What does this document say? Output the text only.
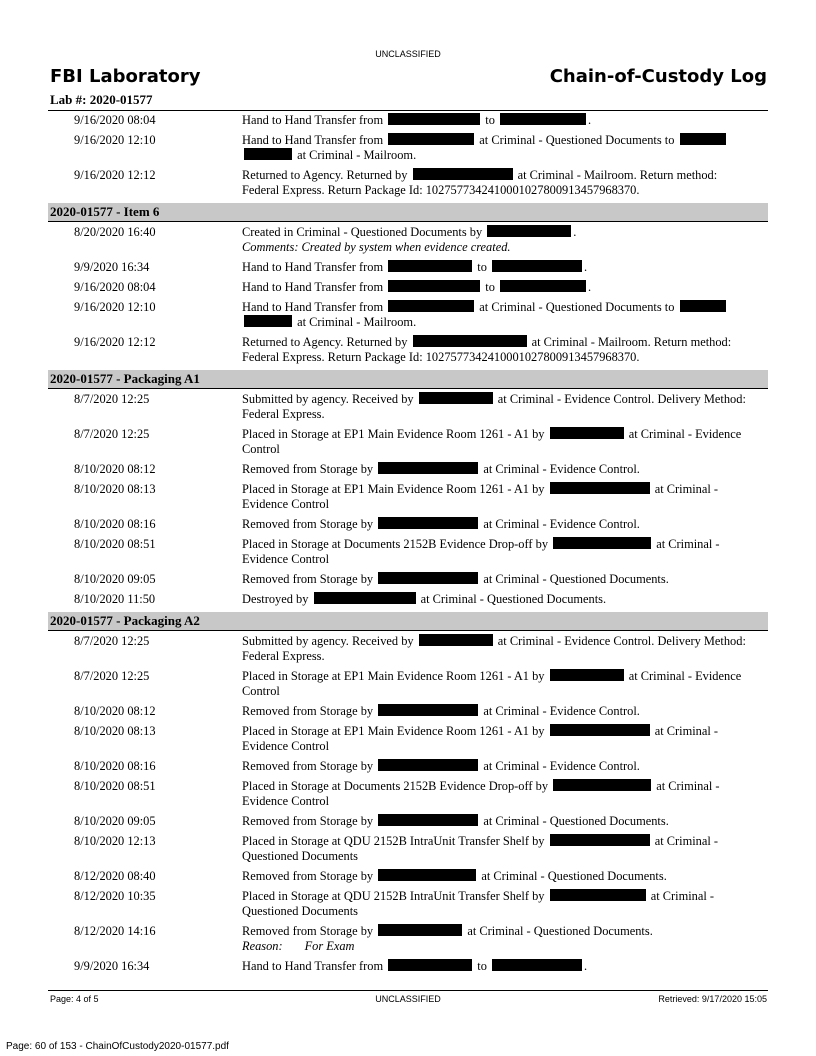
UNCLASSIFIED
FBI Laboratory	Chain-of-Custody Log
Lab #: 2020-01577
9/16/2020 08:04	Hand to Hand Transfer from	to	.
9/16/2020 12:10	Hand to Hand Transfer from	at Criminal - Questioned Documents to
at Criminal - Mailroom.
9/16/2020 12:12	Returned to Agency. Returned by	at Criminal - Mailroom. Return method: Federal Express. Return Package Id: 1027577342410001027800913457968370.
2020-01577 - Item 6
8/20/2020 16:40	Created in Criminal - Questioned Documents by	.
Comments: Created by system when evidence created.
9/9/2020 16:34	Hand to Hand Transfer from	to	.
9/16/2020 08:04	Hand to Hand Transfer from	to	.
9/16/2020 12:10	Hand to Hand Transfer from	at Criminal - Questioned Documents to
at Criminal - Mailroom.
9/16/2020 12:12	Returned to Agency. Returned by	at Criminal - Mailroom. Return method: Federal Express. Return Package Id: 1027577342410001027800913457968370.
2020-01577 - Packaging A1
8/7/2020 12:25	Submitted by agency. Received by	at Criminal - Evidence Control. Delivery Method: Federal Express.
8/7/2020 12:25	Placed in Storage at EP1 Main Evidence Room 1261 - A1 by	at Criminal - Evidence Control
8/10/2020 08:12	Removed from Storage by	at Criminal - Evidence Control.
8/10/2020 08:13	Placed in Storage at EP1 Main Evidence Room 1261 - A1 by	at Criminal - Evidence Control
8/10/2020 08:16	Removed from Storage by	at Criminal - Evidence Control.
8/10/2020 08:51	Placed in Storage at Documents 2152B Evidence Drop-off by	at Criminal - Evidence Control
8/10/2020 09:05	Removed from Storage by	at Criminal - Questioned Documents.
8/10/2020 11:50	Destroyed by	at Criminal - Questioned Documents.
2020-01577 - Packaging A2
8/7/2020 12:25	Submitted by agency. Received by	at Criminal - Evidence Control. Delivery Method: Federal Express.
8/7/2020 12:25	Placed in Storage at EP1 Main Evidence Room 1261 - A1 by	at Criminal - Evidence Control
8/10/2020 08:12	Removed from Storage by	at Criminal - Evidence Control.
8/10/2020 08:13	Placed in Storage at EP1 Main Evidence Room 1261 - A1 by	at Criminal - Evidence Control
8/10/2020 08:16	Removed from Storage by	at Criminal - Evidence Control.
8/10/2020 08:51	Placed in Storage at Documents 2152B Evidence Drop-off by	at Criminal - Evidence Control
8/10/2020 09:05	Removed from Storage by	at Criminal - Questioned Documents.
8/10/2020 12:13	Placed in Storage at QDU 2152B IntraUnit Transfer Shelf by	at Criminal - Questioned Documents
8/12/2020 08:40	Removed from Storage by	at Criminal - Questioned Documents.
8/12/2020 10:35	Placed in Storage at QDU 2152B IntraUnit Transfer Shelf by	at Criminal - Questioned Documents
8/12/2020 14:16	Removed from Storage by	at Criminal - Questioned Documents.
Reason: For Exam
9/9/2020 16:34	Hand to Hand Transfer from	to	.
Page: 4 of 5	UNCLASSIFIED	Retrieved: 9/17/2020 15:05
Page: 60 of 153 - ChainOfCustody2020-01577.pdf
